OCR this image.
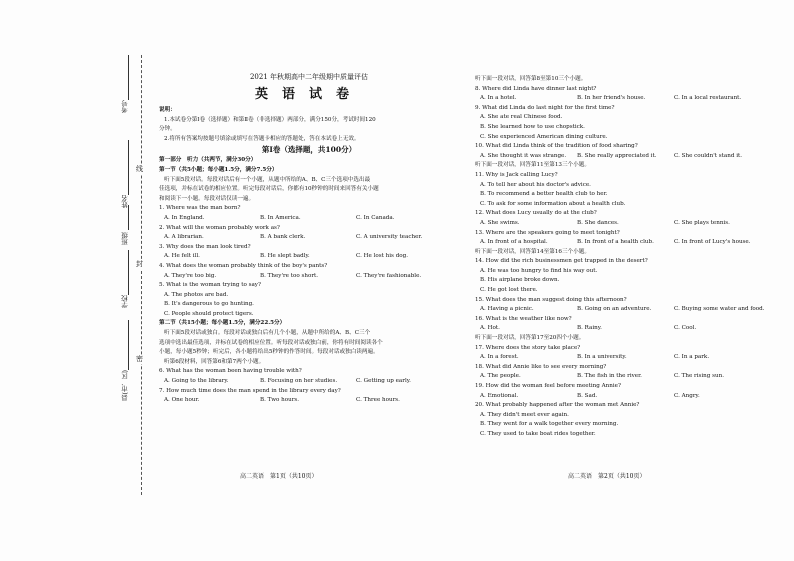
线
封
密
考号
姓名
班级
学校
县(市、区)
2021 年秋期高中二年级期中质量评估
英语试卷
说明：
1.本试卷分第Ⅰ卷（选择题）和第Ⅱ卷（非选择题）两部分，满分150分，考试时间120
分钟。
2.将所有答案均按题号填涂或填写在答题卡相应的答题处，答在本试卷上无效。
第Ⅰ卷（选择题，共100分）
第一部分　听力（共两节，满分30分）
第一节（共5小题；每小题1.5分，满分7.5分）
听下面5段对话。每段对话后有一个小题，从题中所给的A、B、C三个选项中选出最
佳选项，并标在试卷的相应位置。听完每段对话后，你都有10秒钟的时间来回答有关小题
和阅读下一小题。每段对话仅读一遍。
1. Where was the man born?
A. In England.	B. In America.	C. In Canada.
2. What will the woman probably work as?
A. A librarian.	B. A bank clerk.	C. A university teacher.
3. Why does the man look tired?
A. He felt ill.	B. He slept badly.	C. He lost his dog.
4. What does the woman probably think of the boy's pants?
A. They're too big.	B. They're too short.	C. They're fashionable.
5. What is the woman trying to say?
A. The photos are bad.
B. It's dangerous to go hunting.
C. People should protect tigers.
第二节（共15小题；每小题1.5分，满分22.5分）
听下面5段对话或独白。每段对话或独白后有几个小题，从题中所给的A、B、C三个
选项中选出最佳选项，并标在试卷的相应位置。听每段对话或独白前，你将有时间阅读各个
小题，每小题5秒钟；听完后，各小题将给出5秒钟的作答时间。每段对话或独白读两遍。
听第6段材料，回答第6和第7两个小题。
6. What has the woman been having trouble with?
A. Going to the library.	B. Focusing on her studies.	C. Getting up early.
7. How much time does the man spend in the library every day?
A. One hour.	B. Two hours.	C. Three hours.
听下面一段对话，回答第8至第10三个小题。
8. Where did Linda have dinner last night?
A. In a hotel.	B. In her friend's house.	C. In a local restaurant.
9. What did Linda do last night for the first time?
A. She ate real Chinese food.
B. She learned how to use chopstick.
C. She experienced American dining culture.
10. What did Linda think of the tradition of food sharing?
A. She thought it was strange.	B. She really appreciated it.	C. She couldn't stand it.
听下面一段对话，回答第11至第13三个小题。
11. Why is Jack calling Lucy?
A. To tell her about his doctor's advice.
B. To recommend a better health club to her.
C. To ask for some information about a health club.
12. What does Lucy usually do at the club?
A. She swims.	B. She dances.	C. She plays tennis.
13. Where are the speakers going to meet tonight?
A. In front of a hospital.	B. In front of a health club.	C. In front of Lucy's house.
听下面一段对话，回答第14至第16三个小题。
14. How did the rich businessmen get trapped in the desert?
A. He was too hungry to find his way out.
B. His airplane broke down.
C. He got lost there.
15. What does the man suggest doing this afternoon?
A. Having a picnic.	B. Going on an adventure.	C. Buying some water and food.
16. What is the weather like now?
A. Hot.	B. Rainy.	C. Cool.
听下面一段对话，回答第17至20四个小题。
17. Where does the story take place?
A. In a forest.	B. In a university.	C. In a park.
18. What did Annie like to see every morning?
A. The people.	B. The fish in the river.	C. The rising sun.
19. How did the woman feel before meeting Annie?
A. Emotional.	B. Sad.	C. Angry.
20. What probably happened after the woman met Annie?
A. They didn't meet ever again.
B. They went for a walk together every morning.
C. They used to take boat rides together.
高二英语　第1页（共10页）	高二英语　第2页（共10页）
